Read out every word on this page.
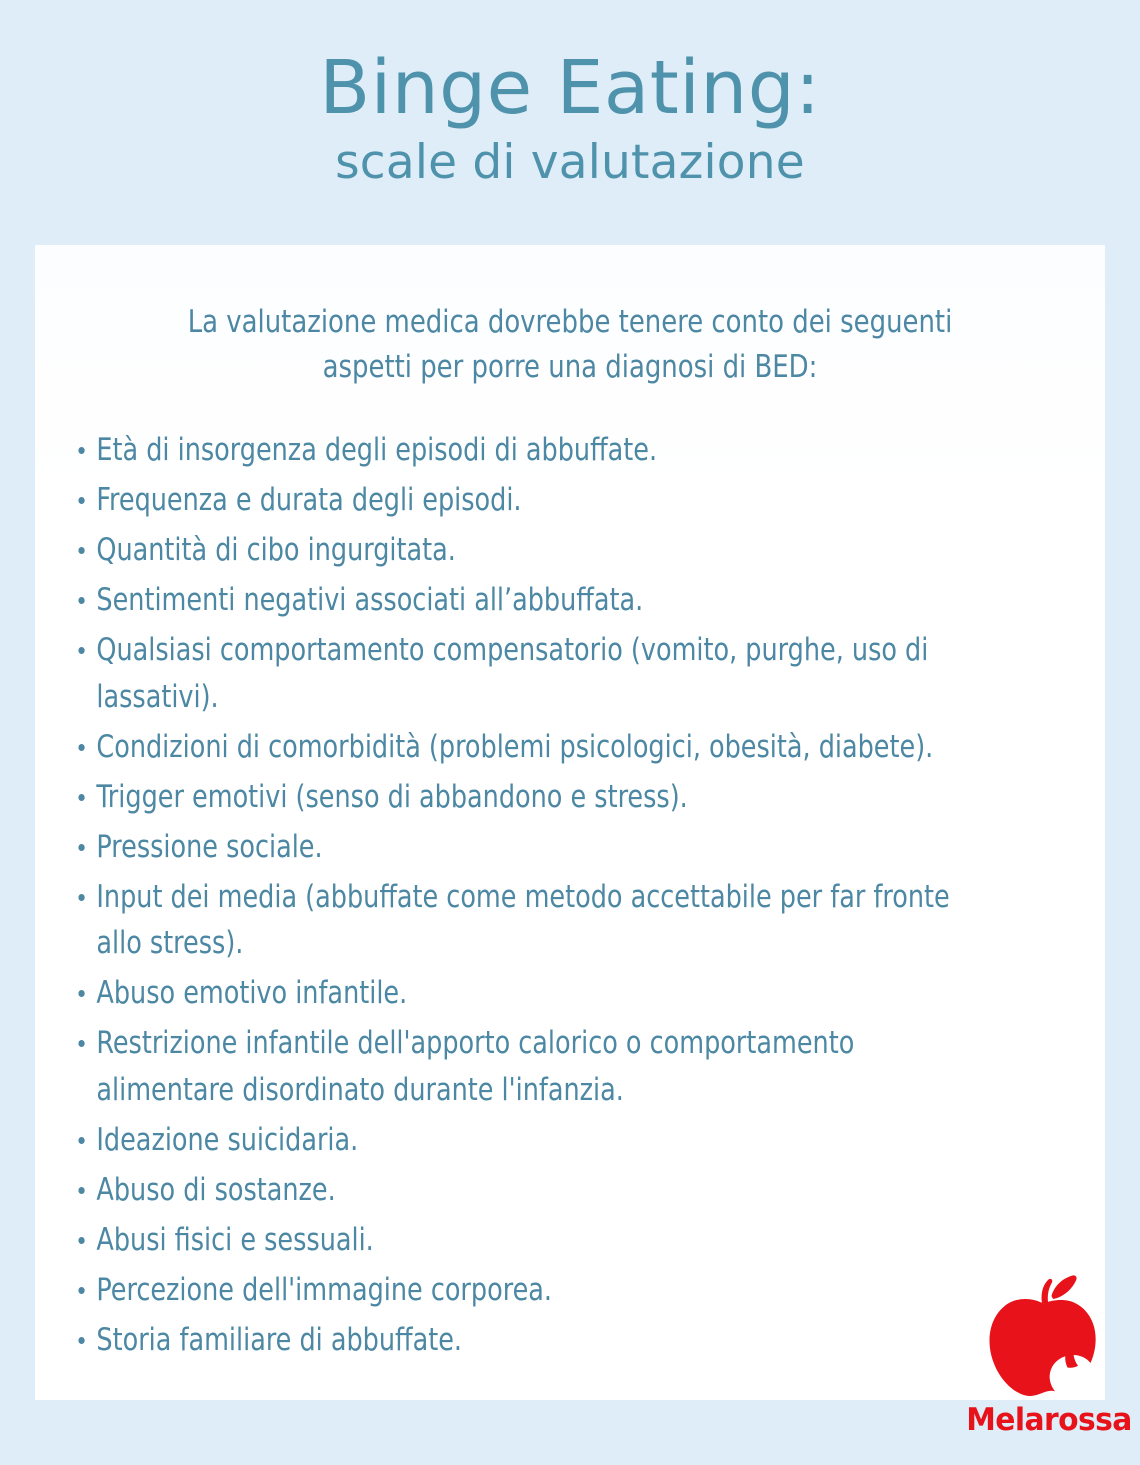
Binge Eating:
scale di valutazione

La valutazione medica dovrebbe tenere conto dei seguenti aspetti per porre una diagnosi di BED:

Età di insorgenza degli episodi di abbuffate.
Frequenza e durata degli episodi.
Quantità di cibo ingurgitata.
Sentimenti negativi associati all’abbuffata.
Qualsiasi comportamento compensatorio (vomito, purghe, uso di lassativi).
Condizioni di comorbidità (problemi psicologici, obesità, diabete).
Trigger emotivi (senso di abbandono e stress).
Pressione sociale.
Input dei media (abbuffate come metodo accettabile per far fronte allo stress).
Abuso emotivo infantile.
Restrizione infantile dell'apporto calorico o comportamento alimentare disordinato durante l'infanzia.
Ideazione suicidaria.
Abuso di sostanze.
Abusi fisici e sessuali.
Percezione dell'immagine corporea.
Storia familiare di abbuffate.

Melarossa
